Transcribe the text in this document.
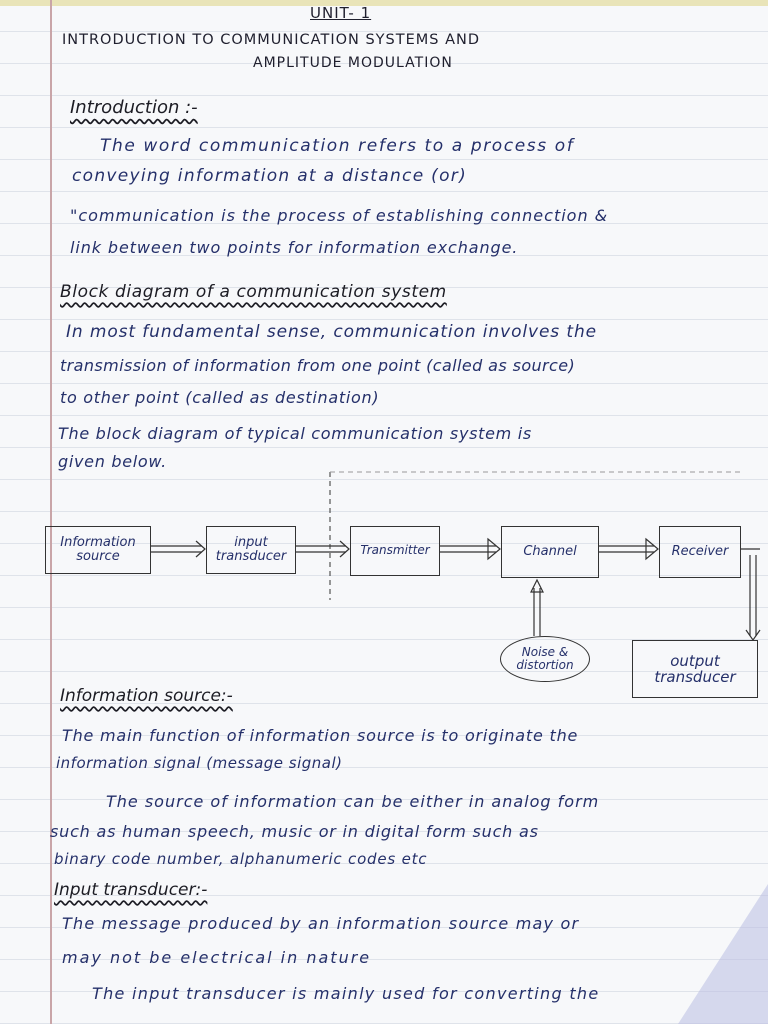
UNIT- 1
INTRODUCTION TO COMMUNICATION SYSTEMS AND
AMPLITUDE MODULATION
Introduction :-
The word communication refers to a process of
conveying information at a distance (or)
"communication is the process of establishing connection &
link between two points for information exchange.
Block diagram of a communication system
In most fundamental sense, communication involves the
transmission of information from one point (called as source)
to other point (called as destination)
The block diagram of typical communication system is
given below.
Information
source
input
transducer	Transmitter	Channel	Receiver
Noise &
distortion	output
transducer
Information source:-
The main function of information source is to originate the
information signal (message signal)
The source of information can be either in analog form
such as human speech, music or in digital form such as
binary code number, alphanumeric codes etc
Input transducer:-
The message produced by an information source may or
may not be electrical in nature
The input transducer is mainly used for converting the
